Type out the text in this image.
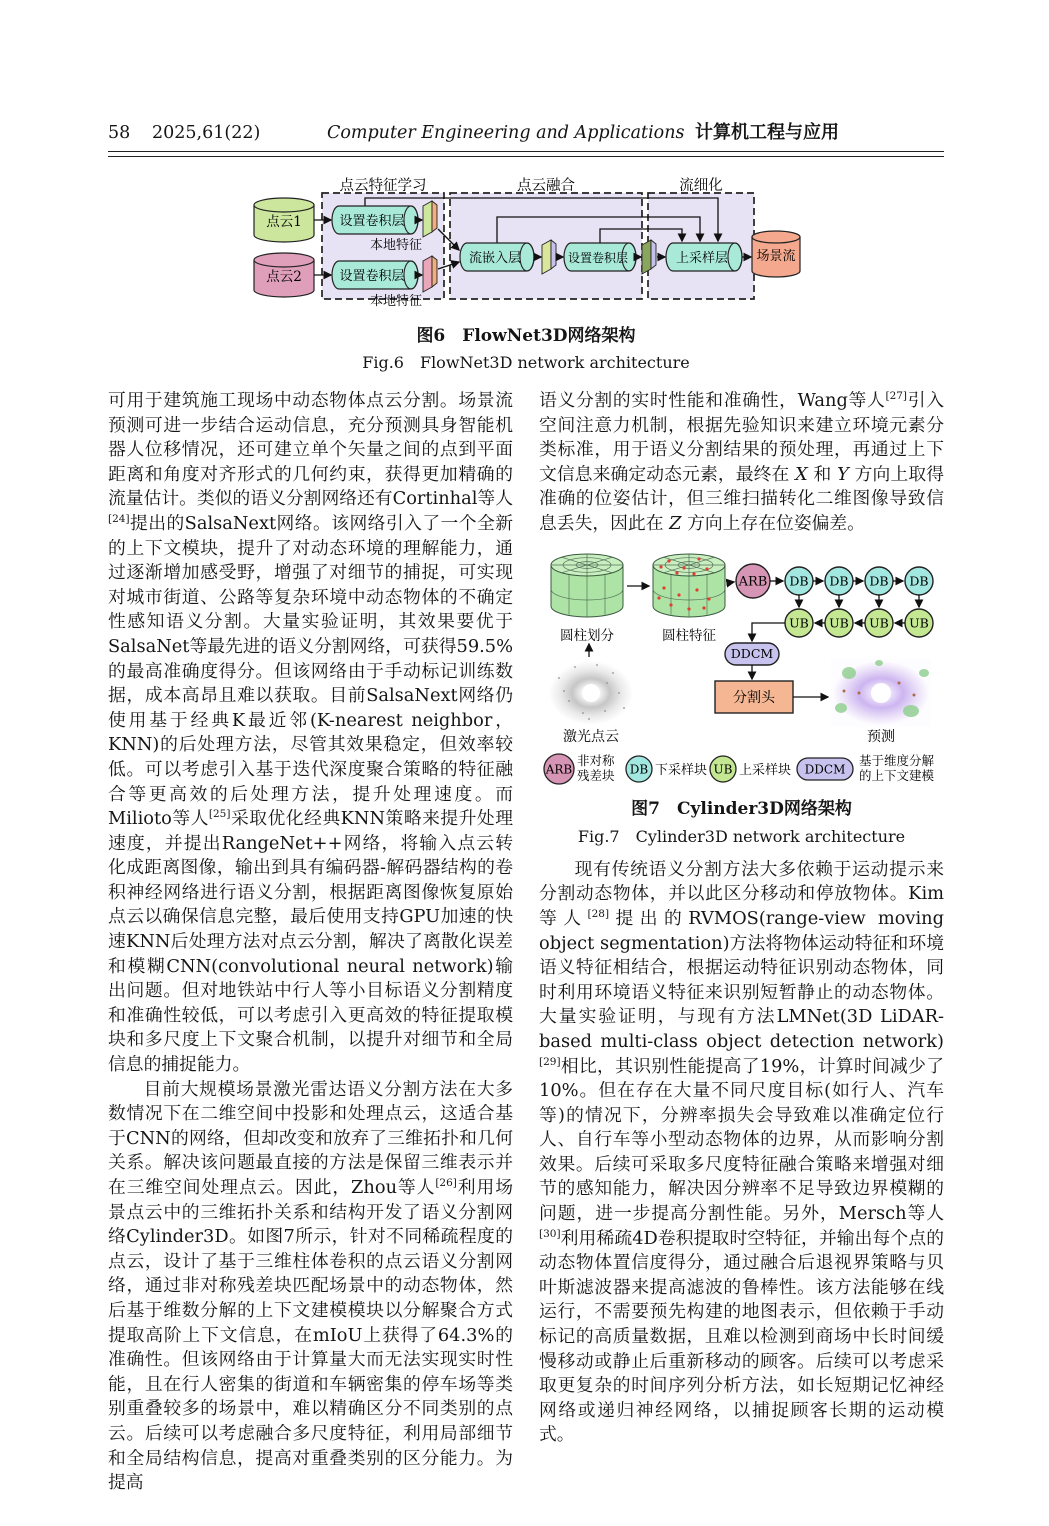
58	2025,61(22)	Computer Engineering and Applications 计算机工程与应用
点云特征学习	点云融合	流细化
点云1
点云2
设置卷积层
设置卷积层
本地特征
本地特征
流嵌入层	设置卷积层	上采样层 场景流
图6　FlowNet3D网络架构
Fig.6　FlowNet3D network architecture

可用于建筑施工现场中动态物体点云分割。场景流预测可进一步结合运动信息，充分预测具身智能机器人位移情况，还可建立单个矢量之间的点到平面距离和角度对齐形式的几何约束，获得更加精确的流量估计。类似的语义分割网络还有Cortinhal等人[24]提出的SalsaNext网络。该网络引入了一个全新的上下文模块，提升了对动态环境的理解能力，通过逐渐增加感受野，增强了对细节的捕捉，可实现对城市街道、公路等复杂环境中动态物体的不确定性感知语义分割。大量实验证明，其效果要优于SalsaNet等最先进的语义分割网络，可获得59.5%的最高准确度得分。但该网络由于手动标记训练数据，成本高昂且难以获取。目前SalsaNext网络仍使用基于经典K最近邻(K-nearest neighbor，KNN)的后处理方法，尽管其效果稳定，但效率较低。可以考虑引入基于迭代深度聚合策略的特征融合等更高效的后处理方法，提升处理速度。而Milioto等人[25]采取优化经典KNN策略来提升处理速度，并提出RangeNet++网络，将输入点云转化成距离图像，输出到具有编码器-解码器结构的卷积神经网络进行语义分割，根据距离图像恢复原始点云以确保信息完整，最后使用支持GPU加速的快速KNN后处理方法对点云分割，解决了离散化误差和模糊CNN(convolutional neural network)输出问题。但对地铁站中行人等小目标语义分割精度和准确性较低，可以考虑引入更高效的特征提取模块和多尺度上下文聚合机制，以提升对细节和全局信息的捕捉能力。

目前大规模场景激光雷达语义分割方法在大多数情况下在二维空间中投影和处理点云，这适合基于CNN的网络，但却改变和放弃了三维拓扑和几何关系。解决该问题最直接的方法是保留三维表示并在三维空间处理点云。因此，Zhou等人[26]利用场景点云中的三维拓扑关系和结构开发了语义分割网络Cylinder3D。如图7所示，针对不同稀疏程度的点云，设计了基于三维柱体卷积的点云语义分割网络，通过非对称残差块匹配场景中的动态物体，然后基于维数分解的上下文建模模块以分解聚合方式提取高阶上下文信息，在mIoU上获得了64.3%的准确性。但该网络由于计算量大而无法实现实时性能，且在行人密集的街道和车辆密集的停车场等类别重叠较多的场景中，难以精确区分不同类别的点云。后续可以考虑融合多尺度特征，利用局部细节和全局结构信息，提高对重叠类别的区分能力。为提高

语义分割的实时性能和准确性，Wang等人[27]引入空间注意力机制，根据先验知识来建立环境元素分类标准，用于语义分割结果的预处理，再通过上下文信息来确定动态元素，最终在 X 和 Y 方向上取得准确的位姿估计，但三维扫描转化二维图像导致信息丢失，因此在 Z 方向上存在位姿偏差。

圆柱划分	圆柱特征
ARB DB DB DB DB
UB UB UB UB
DDCM
分割头
激光点云	预测
ARB
非对称
残差块 DB 下采样块 UB 上采样块 DDCM
基于维度分解
的上下文建模
图7　Cylinder3D网络架构
Fig.7　Cylinder3D network architecture

现有传统语义分割方法大多依赖于运动提示来分割动态物体，并以此区分移动和停放物体。Kim等人[28]提出的RVMOS(range-view moving object segmentation)方法将物体运动特征和环境语义特征相结合，根据运动特征识别动态物体，同时利用环境语义特征来识别短暂静止的动态物体。大量实验证明，与现有方法LMNet(3D LiDAR-based multi-class object detection network)[29]相比，其识别性能提高了19%，计算时间减少了10%。但在存在大量不同尺度目标(如行人、汽车等)的情况下，分辨率损失会导致难以准确定位行人、自行车等小型动态物体的边界，从而影响分割效果。后续可采取多尺度特征融合策略来增强对细节的感知能力，解决因分辨率不足导致边界模糊的问题，进一步提高分割性能。另外，Mersch等人[30]利用稀疏4D卷积提取时空特征，并输出每个点的动态物体置信度得分，通过融合后退视界策略与贝叶斯滤波器来提高滤波的鲁棒性。该方法能够在线运行，不需要预先构建的地图表示，但依赖于手动标记的高质量数据，且难以检测到商场中长时间缓慢移动或静止后重新移动的顾客。后续可以考虑采取更复杂的时间序列分析方法，如长短期记忆神经网络或递归神经网络，以捕捉顾客长期的运动模式。
